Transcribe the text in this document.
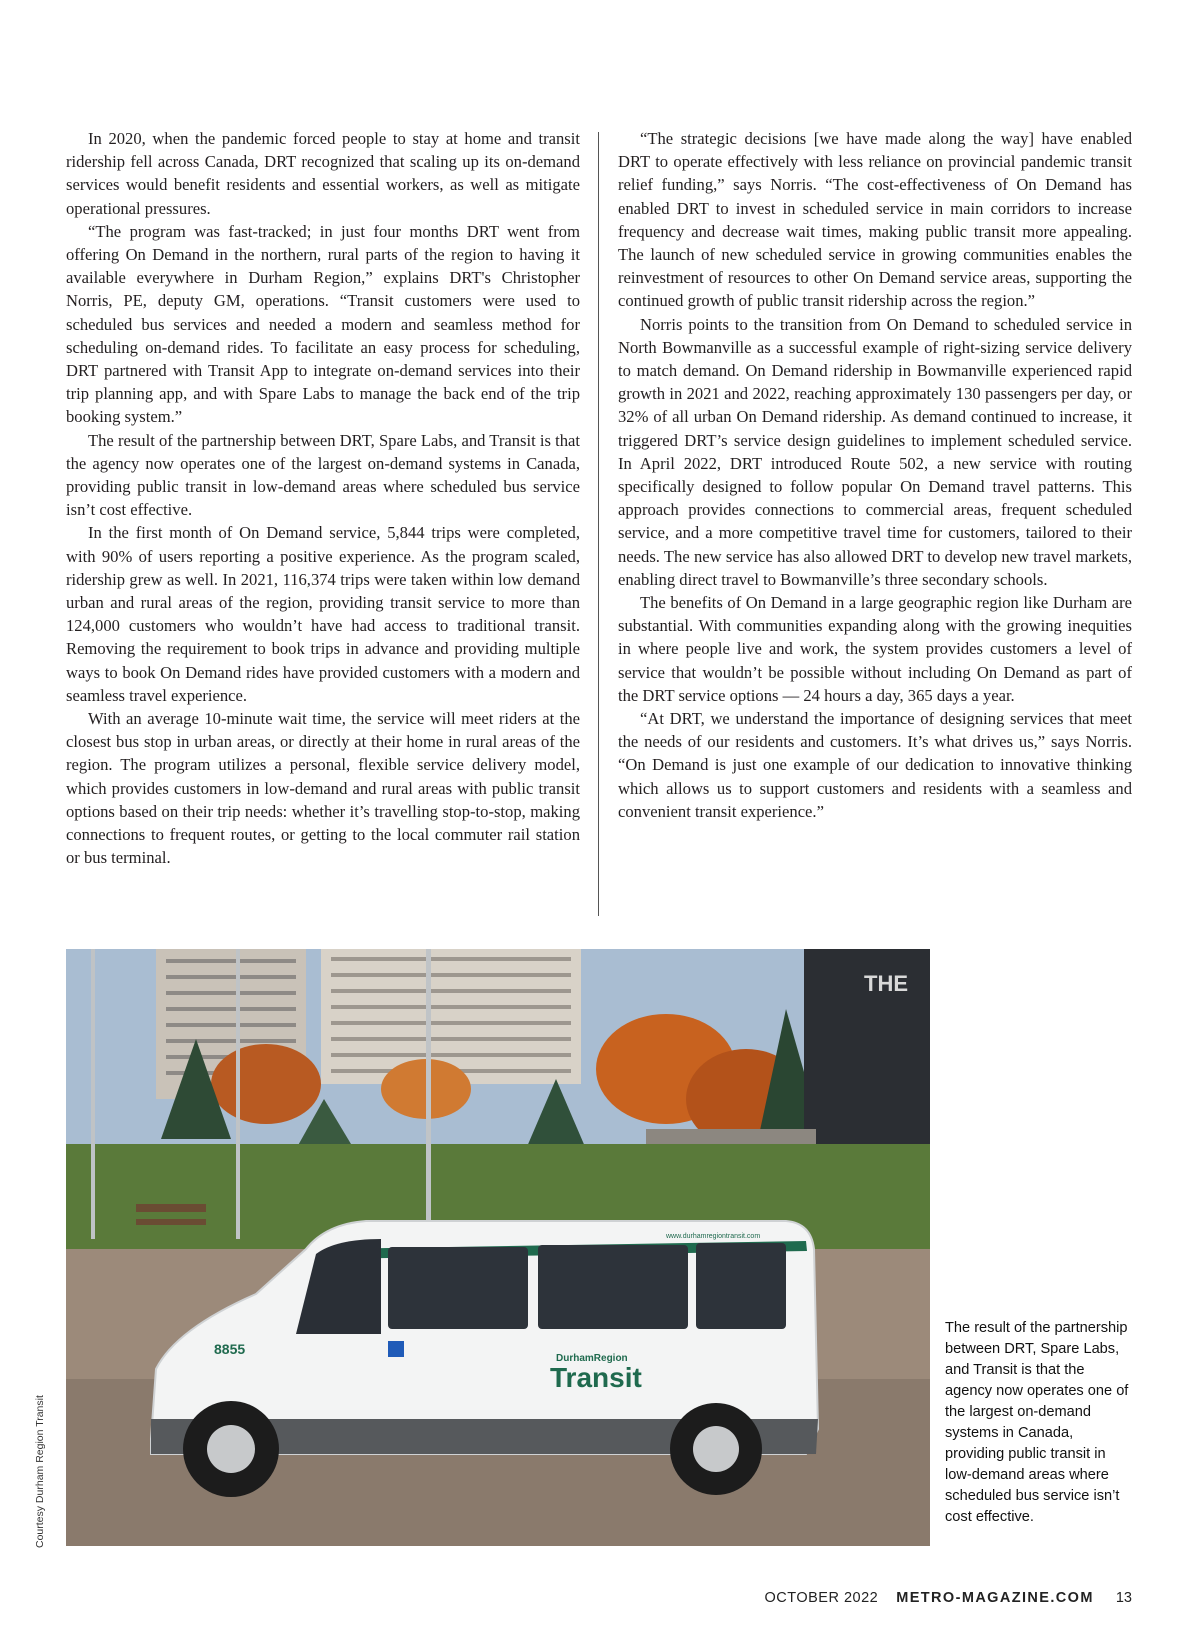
In 2020, when the pandemic forced people to stay at home and transit ridership fell across Canada, DRT recognized that scaling up its on-demand services would benefit residents and essential workers, as well as mitigate operational pressures.

“The program was fast-tracked; in just four months DRT went from offering On Demand in the northern, rural parts of the region to having it available everywhere in Durham Region,” explains DRT's Christopher Norris, PE, deputy GM, operations. “Transit customers were used to scheduled bus services and needed a modern and seamless method for scheduling on-demand rides. To facilitate an easy process for scheduling, DRT partnered with Transit App to integrate on-demand services into their trip planning app, and with Spare Labs to manage the back end of the trip booking system.”

The result of the partnership between DRT, Spare Labs, and Transit is that the agency now operates one of the largest on-demand systems in Canada, providing public transit in low-demand areas where scheduled bus service isn’t cost effective.

In the first month of On Demand service, 5,844 trips were completed, with 90% of users reporting a positive experience. As the program scaled, ridership grew as well. In 2021, 116,374 trips were taken within low demand urban and rural areas of the region, providing transit service to more than 124,000 customers who wouldn’t have had access to traditional transit. Removing the requirement to book trips in advance and providing multiple ways to book On Demand rides have provided customers with a modern and seamless travel experience.

With an average 10-minute wait time, the service will meet riders at the closest bus stop in urban areas, or directly at their home in rural areas of the region. The program utilizes a personal, flexible service delivery model, which provides customers in low-demand and rural areas with public transit options based on their trip needs: whether it’s travelling stop-to-stop, making connections to frequent routes, or getting to the local commuter rail station or bus terminal.

“The strategic decisions [we have made along the way] have enabled DRT to operate effectively with less reliance on provincial pandemic transit relief funding,” says Norris. “The cost-effectiveness of On Demand has enabled DRT to invest in scheduled service in main corridors to increase frequency and decrease wait times, making public transit more appealing. The launch of new scheduled service in growing communities enables the reinvestment of resources to other On Demand service areas, supporting the continued growth of public transit ridership across the region.”

Norris points to the transition from On Demand to scheduled service in North Bowmanville as a successful example of right-sizing service delivery to match demand. On Demand ridership in Bowmanville experienced rapid growth in 2021 and 2022, reaching approximately 130 passengers per day, or 32% of all urban On Demand ridership. As demand continued to increase, it triggered DRT’s service design guidelines to implement scheduled service. In April 2022, DRT introduced Route 502, a new service with routing specifically designed to follow popular On Demand travel patterns. This approach provides connections to commercial areas, frequent scheduled service, and a more competitive travel time for customers, tailored to their needs. The new service has also allowed DRT to develop new travel markets, enabling direct travel to Bowmanville’s three secondary schools.

The benefits of On Demand in a large geographic region like Durham are substantial. With communities expanding along with the growing inequities in where people live and work, the system provides customers a level of service that wouldn’t be possible without including On Demand as part of the DRT service options — 24 hours a day, 365 days a year.

“At DRT, we understand the importance of designing services that meet the needs of our residents and customers. It’s what drives us,” says Norris. “On Demand is just one example of our dedication to innovative thinking which allows us to support customers and residents with a seamless and convenient transit experience.”

THE
www.durhamregiontransit.com
8855
DurhamRegion
Transit
Courtesy Durham Region Transit
The result of the partnership between DRT, Spare Labs, and Transit is that the agency now operates one of the largest on-demand systems in Canada, providing public transit in low-demand areas where scheduled bus service isn’t cost effective.
OCTOBER 2022 METRO-MAGAZINE.COM 13
